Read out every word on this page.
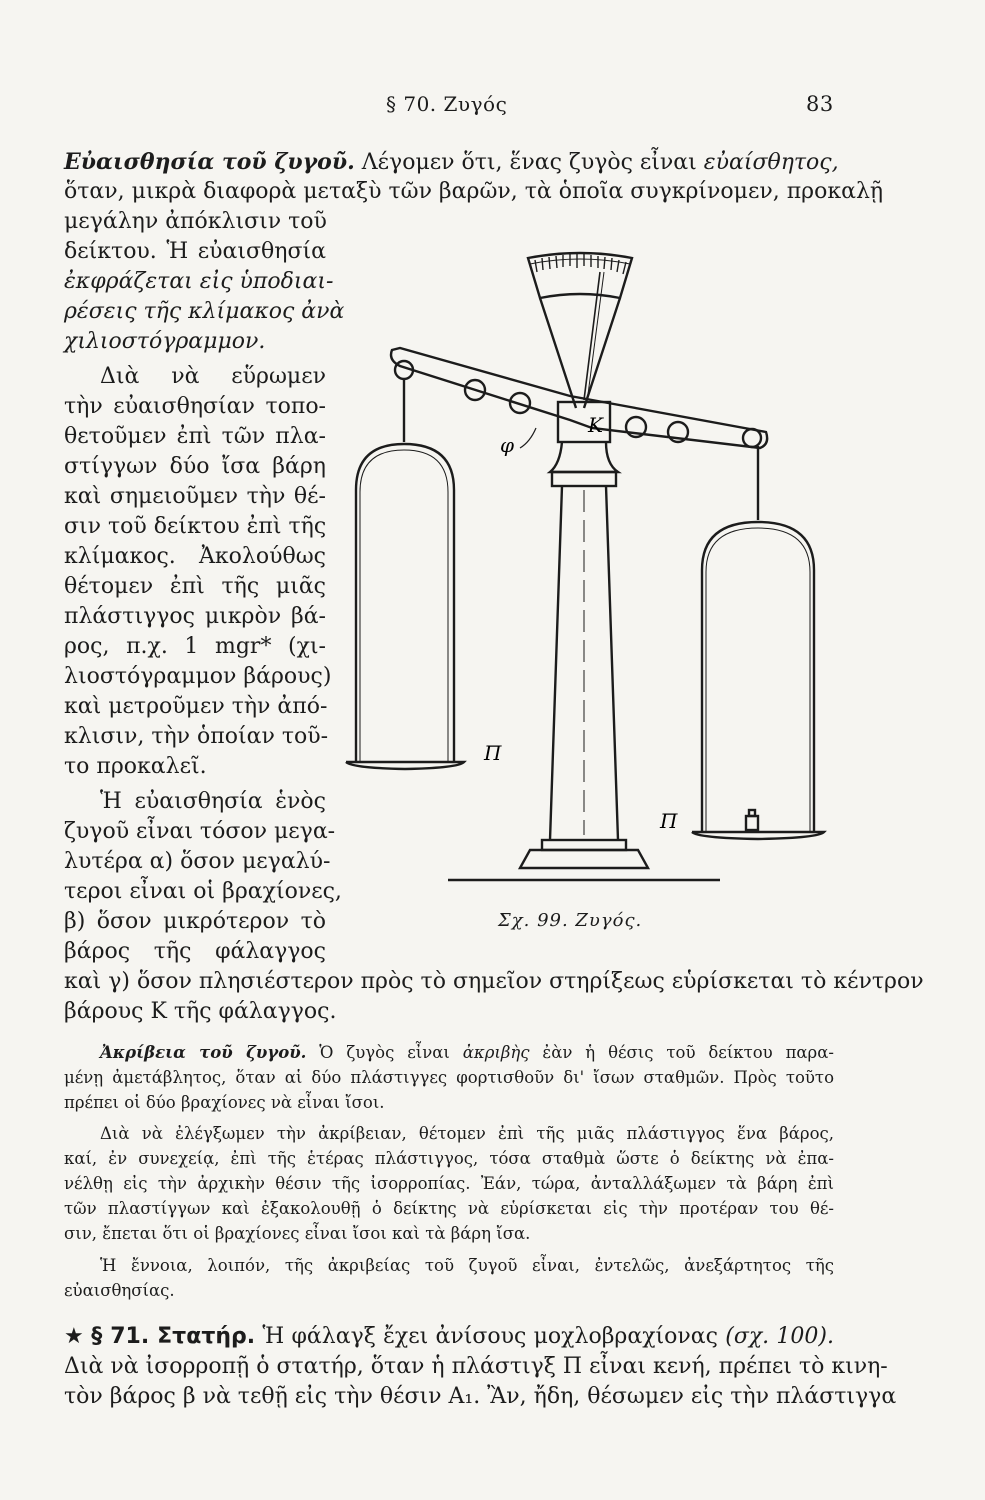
§ 70. Ζυγός	83
Εὐαισθησία τοῦ ζυγοῦ. Λέγομεν ὅτι, ἕνας ζυγὸς εἶναι εὐαίσθητος,
ὅταν, μικρὰ διαφορὰ μεταξὺ τῶν βαρῶν, τὰ ὁποῖα συγκρίνομεν, προκαλῇ
μεγάλην ἀπόκλισιν τοῦ
δείκτου. Ἡ εὐαισθησία
ἐκφράζεται εἰς ὑποδιαι-
ρέσεις τῆς κλίμακος ἀνὰ
χιλιοστόγραμμον.
Διὰ νὰ εὕρωμεν
τὴν εὐαισθησίαν τοπο-
θετοῦμεν ἐπὶ τῶν πλα-
στίγγων δύο ἴσα βάρη
καὶ σημειοῦμεν τὴν θέ-
σιν τοῦ δείκτου ἐπὶ τῆς
κλίμακος. Ἀκολούθως
θέτομεν ἐπὶ τῆς μιᾶς
πλάστιγγος μικρὸν βά-
ρος, π.χ. 1 mgr* (χι-
λιοστόγραμμον βάρους)
καὶ μετροῦμεν τὴν ἀπό-
κλισιν, τὴν ὁποίαν τοῦ-
το προκαλεῖ.
Ἡ εὐαισθησία ἑνὸς
ζυγοῦ εἶναι τόσον μεγα-
λυτέρα α) ὅσον μεγαλύ-
τεροι εἶναι οἱ βραχίονες,
β) ὅσον μικρότερον τὸ
βάρος τῆς φάλαγγος
καὶ γ) ὅσον πλησιέστερον πρὸς τὸ σημεῖον στηρίξεως εὑρίσκεται τὸ κέντρον
βάρους Κ τῆς φάλαγγος.
K
φ
Π
Π
Σχ. 99. Ζυγός.
Ἀκρίβεια τοῦ ζυγοῦ. Ὁ ζυγὸς εἶναι ἀκριβὴς ἐὰν ἡ θέσις τοῦ δείκτου παρα-
μένῃ ἀμετάβλητος, ὅταν αἱ δύο πλάστιγγες φορτισθοῦν δι' ἴσων σταθμῶν. Πρὸς τοῦτο
πρέπει οἱ δύο βραχίονες νὰ εἶναι ἴσοι.
Διὰ νὰ ἐλέγξωμεν τὴν ἀκρίβειαν, θέτομεν ἐπὶ τῆς μιᾶς πλάστιγγος ἕνα βάρος,
καί, ἐν συνεχείᾳ, ἐπὶ τῆς ἑτέρας πλάστιγγος, τόσα σταθμὰ ὥστε ὁ δείκτης νὰ ἐπα-
νέλθῃ εἰς τὴν ἀρχικὴν θέσιν τῆς ἰσορροπίας. Ἐάν, τώρα, ἀνταλλάξωμεν τὰ βάρη ἐπὶ
τῶν πλαστίγγων καὶ ἐξακολουθῇ ὁ δείκτης νὰ εὑρίσκεται εἰς τὴν προτέραν του θέ-
σιν, ἔπεται ὅτι οἱ βραχίονες εἶναι ἴσοι καὶ τὰ βάρη ἴσα.
Ἡ ἔννοια, λοιπόν, τῆς ἀκριβείας τοῦ ζυγοῦ εἶναι, ἐντελῶς, ἀνεξάρτητος τῆς
εὐαισθησίας.
★ § 71. Στατήρ. Ἡ φάλαγξ ἔχει ἀνίσους μοχλοβραχίονας (σχ. 100).
Διὰ νὰ ἰσορροπῇ ὁ στατήρ, ὅταν ἡ πλάστιγξ Π εἶναι κενή, πρέπει τὸ κινη-
τὸν βάρος β νὰ τεθῇ εἰς τὴν θέσιν Α₁. Ἂν, ἤδη, θέσωμεν εἰς τὴν πλάστιγγα
